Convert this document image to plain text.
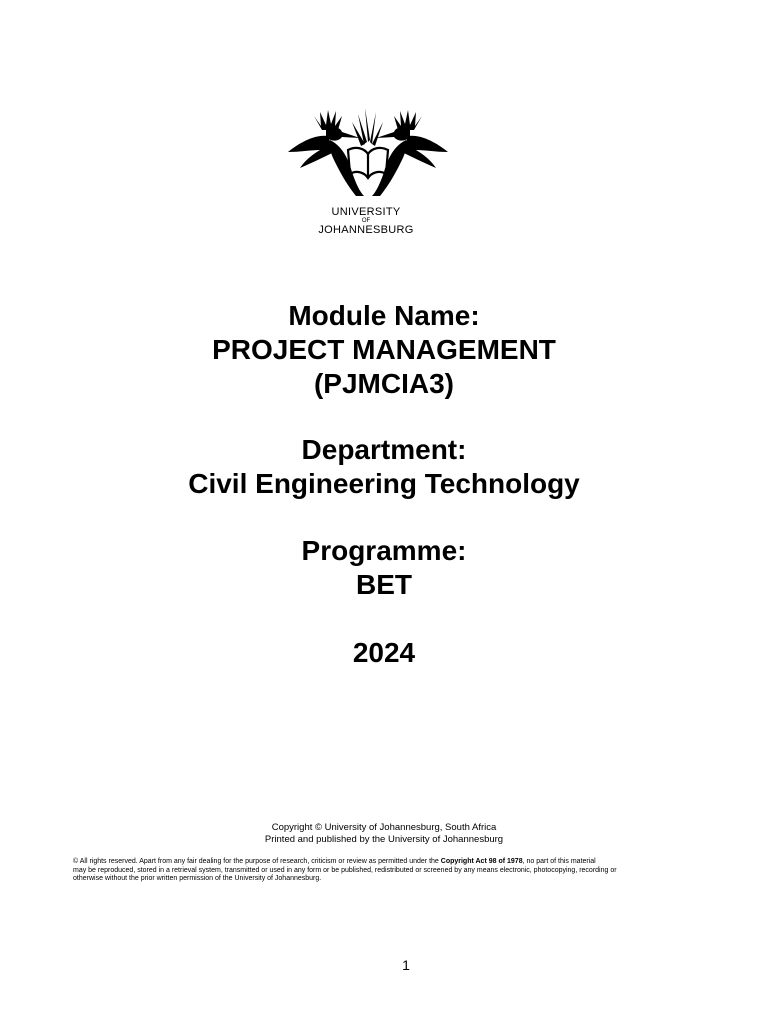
UNIVERSITY
OF
JOHANNESBURG
Module Name:
PROJECT MANAGEMENT
(PJMCIA3)
Department:
Civil Engineering Technology
Programme:
BET
2024
Copyright © University of Johannesburg, South Africa
Printed and published by the University of Johannesburg
© All rights reserved. Apart from any fair dealing for the purpose of research, criticism or review as permitted under the Copyright Act 98 of 1978, no part of this material
may be reproduced, stored in a retrieval system, transmitted or used in any form or be published, redistributed or screened by any means electronic, photocopying, recording or
otherwise without the prior written permission of the University of Johannesburg.
1
